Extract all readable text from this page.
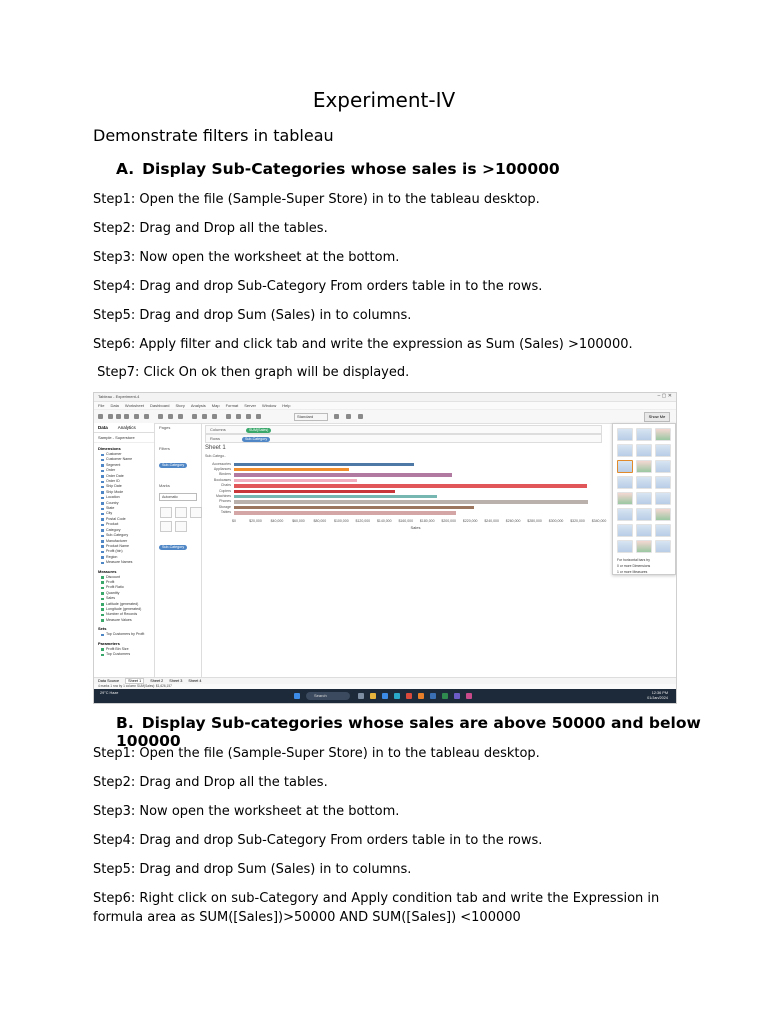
Experiment-IV
Demonstrate filters in tableau
A. Display Sub-Categories whose sales is >100000
Step1: Open the file (Sample-Super Store) in to the tableau desktop.
Step2: Drag and Drop all the tables.
Step3: Now open the worksheet at the bottom.
Step4: Drag and drop Sub-Category From orders table in to the rows.
Step5: Drag and drop Sum (Sales) in to columns.
Step6: Apply filter and click tab and write the expression as Sum (Sales) >100000.
Step7: Click On ok then graph will be displayed.
Tableau - Experiment-4	– ▢ ✕
File Data Worksheet Dashboard Story Analysis Map Format Server Window Help
Standard	Show Me
Data Analytics
Sample - Superstore
Dimensions
Customer
Customer Name
Segment
Order
Order Date
Order ID
Ship Date
Ship Mode
Location
Country
State
City
Postal Code
Product
Category
Sub-Category
Manufacturer
Product Name
Profit (bin)
Region
Measure Names
Measures
Discount
Profit
Profit Ratio
Quantity
Sales
Latitude (generated)
Longitude (generated)
Number of Records
Measure Values
Sets
Top Customers by Profit
Parameters
Profit Bin Size
Top Customers
Pages
Filters
Sub-Category
Marks
Automatic
Sub-Category
Columns	SUM(Sales)
Rows	Sub-Category
Sheet 1
Sub-Catego..
Accessories
Appliances
Binders
Bookcases
Chairs
Copiers
Machines
Phones
Storage
Tables
$0	$20,000	$40,000	$60,000	$80,000 $100,000 $120,000 $140,000 $160,000 $180,000 $200,000 $220,000 $240,000 $260,000 $280,000 $300,000 $320,000 $340,000
Sales
For horizontal bars try
0 or more Dimensions
1 or more Measures
Data Source Sheet 1 Sheet 2 Sheet 3 Sheet 4
4 marks 1 row by 1 column SUM(Sales): $1,626,157
29°C Haze	Search	12:36 PM
01/Jan/2024
B. Display Sub-categories whose sales are above 50000 and below 100000
Step1: Open the file (Sample-Super Store) in to the tableau desktop.
Step2: Drag and Drop all the tables.
Step3: Now open the worksheet at the bottom.
Step4: Drag and drop Sub-Category From orders table in to the rows.
Step5: Drag and drop Sum (Sales) in to columns.
Step6: Right click on sub-Category and Apply condition tab and write the Expression in formula area as SUM([Sales])>50000 AND SUM([Sales]) <100000
